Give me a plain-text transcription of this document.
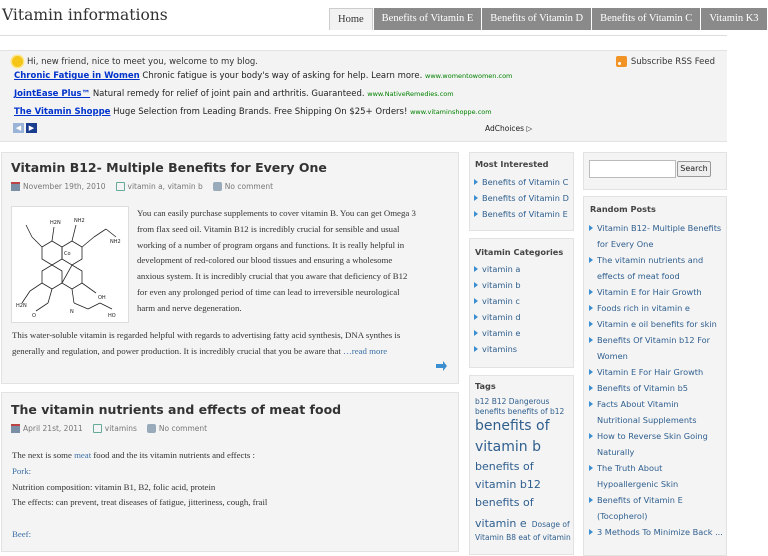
Vitamin informations	Home	Benefits of Vitamin E	Benefits of Vitamin D	Benefits of Vitamin C	Vitamin K3
Hi, new friend, nice to meet you, welcome to my blog.	Subscribe RSS Feed
Chronic Fatigue in Women Chronic fatigue is your body's way of asking for help. Learn more. www.womentowomen.com
JointEase Plus™ Natural remedy for relief of joint pain and arthritis. Guaranteed. www.NativeRemedies.com
The Vitamin Shoppe Huge Selection from Leading Brands. Free Shipping On $25+ Orders! www.vitaminshoppe.com
◀	▶	AdChoices ▷
Vitamin B12- Multiple Benefits for Every One
November 19th, 2010	vitamin a, vitamin b	No comment
H2N	NH2
NH2
H2N
Co
OH
N
O	HO
You can easily purchase supplements to cover vitamin B. You can get Omega 3
from flax seed oil. Vitamin B12 is incredibly crucial for sensible and usual
working of a number of program organs and functions. It is really helpful in
development of red-colored our blood tissues and ensuring a wholesome
anxious system. It is incredibly crucial that you aware that deficiency of B12
for even any prolonged period of time can lead to irreversible neurological
harm and nerve degeneration.
This water-soluble vitamin is regarded helpful with regards to advertising fatty acid synthesis, DNA synthes is
generally and regulation, and power production. It is incredibly crucial that you be aware that …read more
The vitamin nutrients and effects of meat food
April 21st, 2011	vitamins	No comment
The next is some meat food and the its vitamin nutrients and effects :
Pork:
Nutrition composition: vitamin B1, B2, folic acid, protein
The effects: can prevent, treat diseases of fatigue, jitteriness, cough, frail
Beef:
Most Interested
Benefits of Vitamin C
Benefits of Vitamin D
Benefits of Vitamin E
Vitamin Categories
vitamin a
vitamin b
vitamin c
vitamin d
vitamin e
vitamins
Tags
b12 B12 Dangerous
benefits benefits of b12
benefits of
vitamin b
benefits of
vitamin b12
benefits of
vitamin e Dosage of
Vitamin B8 eat of vitamin
Search
Random Posts
Vitamin B12- Multiple Benefits for Every One
The vitamin nutrients and effects of meat food
Vitamin E for Hair Growth
Foods rich in vitamin e
Vitamin e oil benefits for skin
Benefits Of Vitamin b12 For Women
Vitamin E For Hair Growth
Benefits of Vitamin b5
Facts About Vitamin Nutritional Supplements
How to Reverse Skin Going Naturally
The Truth About Hypoallergenic Skin
Benefits of Vitamin E (Tocopherol)
3 Methods To Minimize Back ...
